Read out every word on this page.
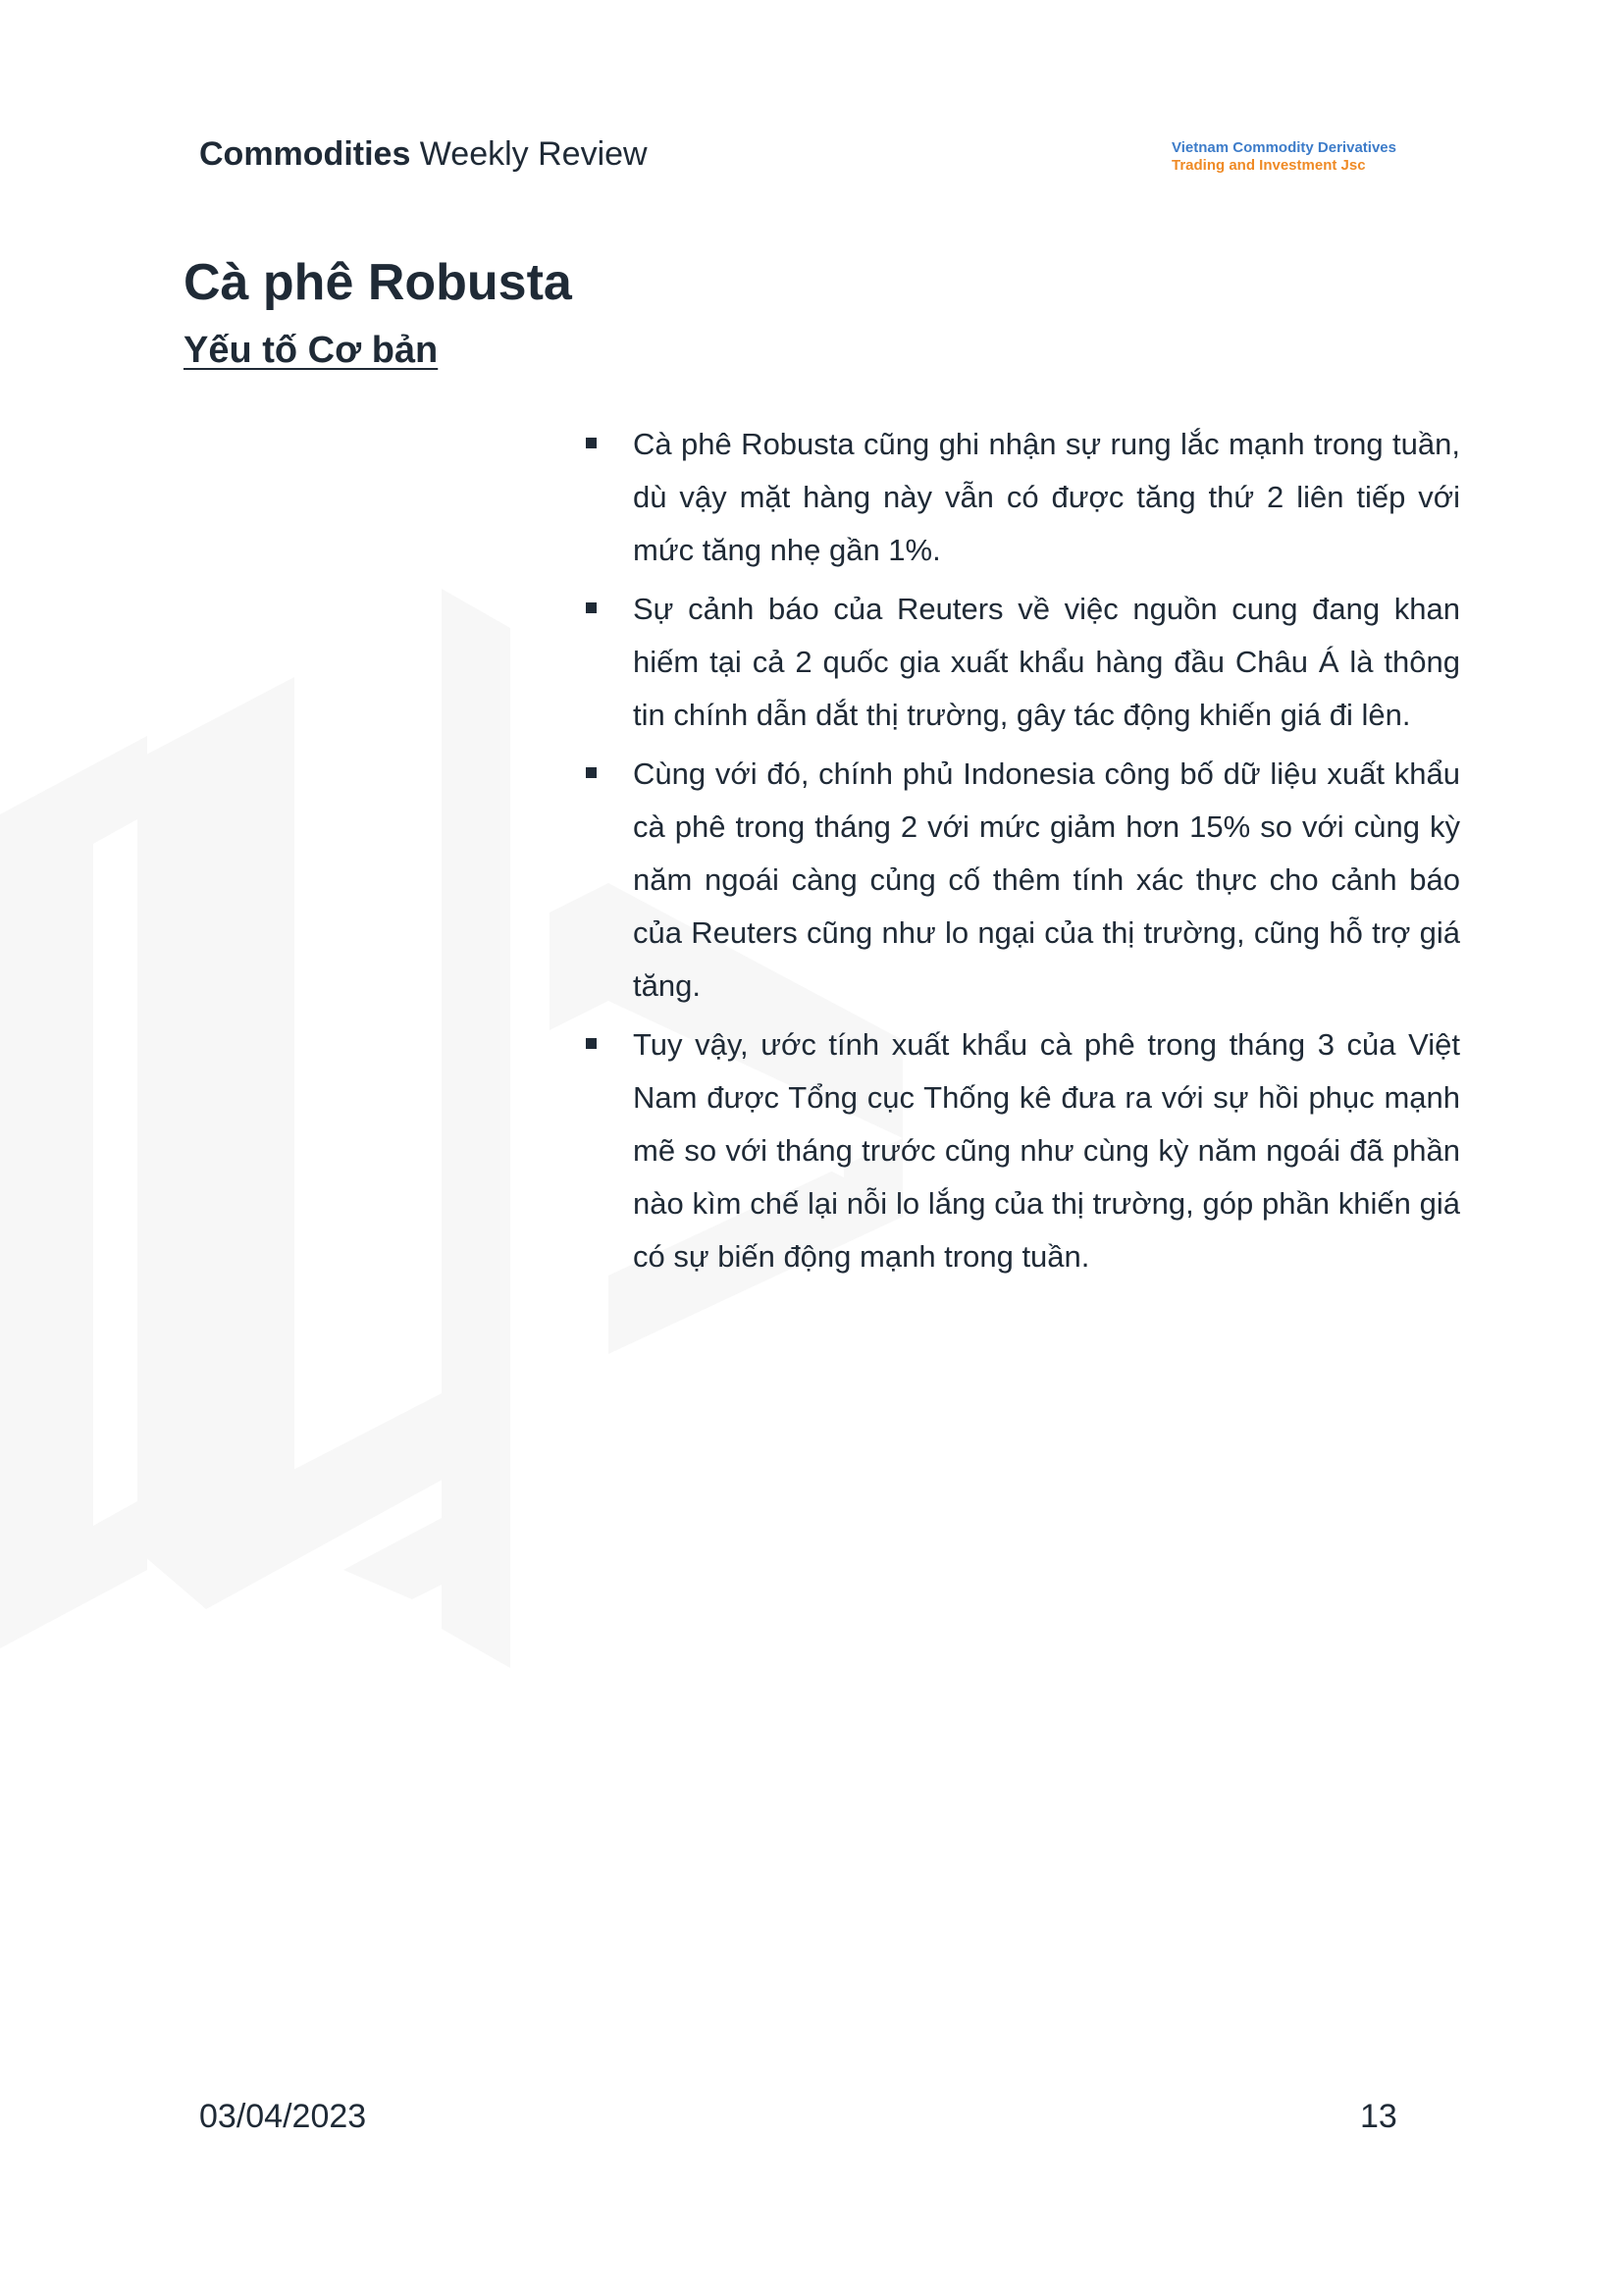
Commodities Weekly Review	Vietnam Commodity Derivatives
Trading and Investment Jsc
Cà phê Robusta
Yếu tố Cơ bản
Cà phê Robusta cũng ghi nhận sự rung lắc mạnh trong tuần, dù vậy mặt hàng này vẫn có được tăng thứ 2 liên tiếp với mức tăng nhẹ gần 1%.
Sự cảnh báo của Reuters về việc nguồn cung đang khan hiếm tại cả 2 quốc gia xuất khẩu hàng đầu Châu Á là thông tin chính dẫn dắt thị trường, gây tác động khiến giá đi lên.
Cùng với đó, chính phủ Indonesia công bố dữ liệu xuất khẩu cà phê trong tháng 2 với mức giảm hơn 15% so với cùng kỳ năm ngoái càng củng cố thêm tính xác thực cho cảnh báo của Reuters cũng như lo ngại của thị trường, cũng hỗ trợ giá tăng.
Tuy vậy, ước tính xuất khẩu cà phê trong tháng 3 của Việt Nam được Tổng cục Thống kê đưa ra với sự hồi phục mạnh mẽ so với tháng trước cũng như cùng kỳ năm ngoái đã phần nào kìm chế lại nỗi lo lắng của thị trường, góp phần khiến giá có sự biến động mạnh trong tuần.
03/04/2023	13
